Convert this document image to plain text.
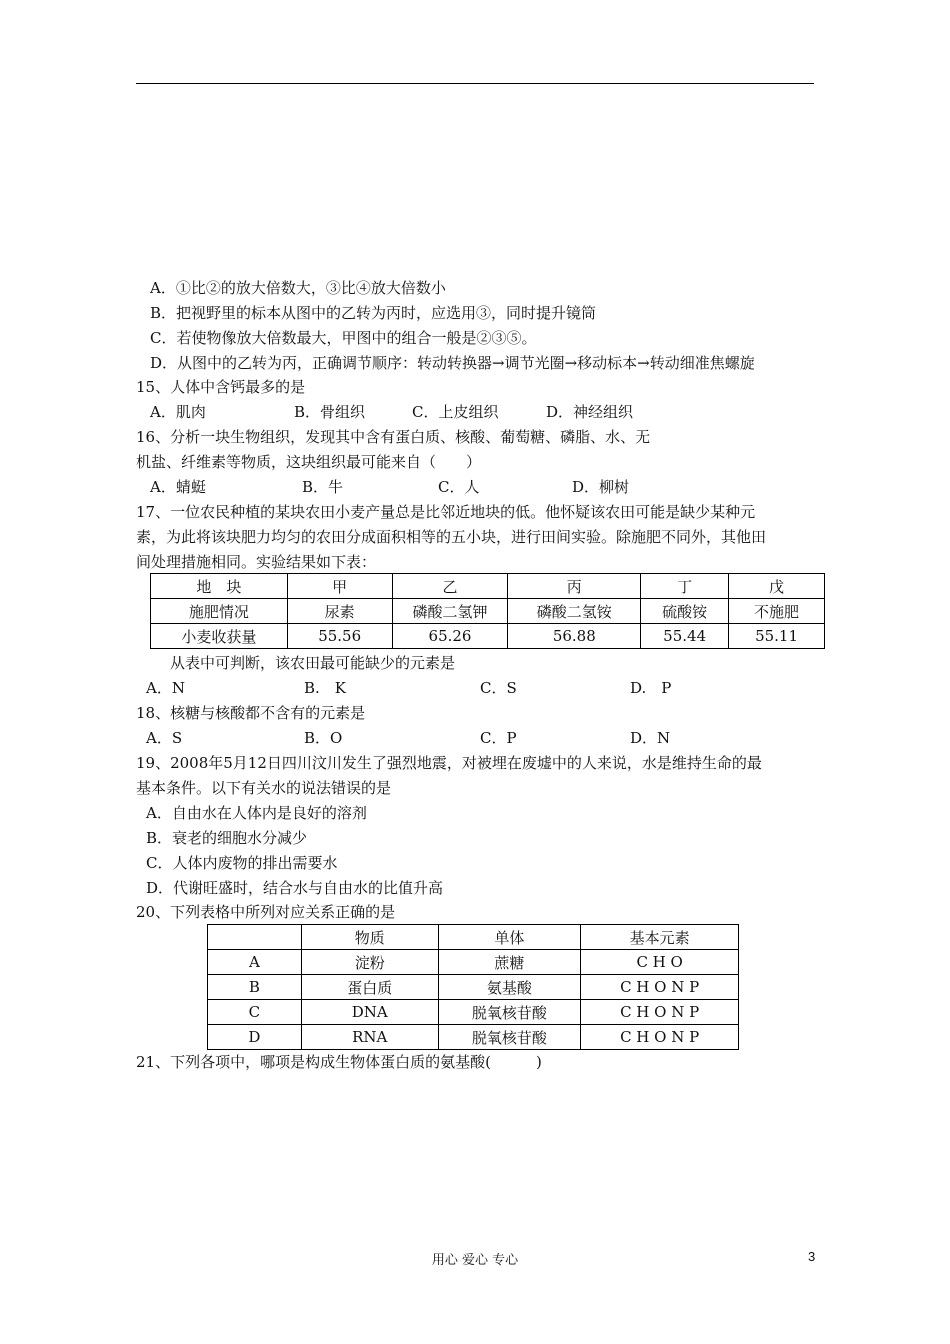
A．①比②的放大倍数大，③比④放大倍数小
B．把视野里的标本从图中的乙转为丙时，应选用③，同时提升镜筒
C．若使物像放大倍数最大，甲图中的组合一般是②③⑤。
D．从图中的乙转为丙，正确调节顺序：转动转换器→调节光圈→移动标本→转动细准焦螺旋
15、人体中含钙最多的是
A．肌肉	B．骨组织	C．上皮组织	D．神经组织
16、分析一块生物组织，发现其中含有蛋白质、核酸、葡萄糖、磷脂、水、无
机盐、纤维素等物质，这块组织最可能来自（　　）
A．蜻蜓	B．牛	C．人	D．柳树
17、一位农民种植的某块农田小麦产量总是比邻近地块的低。他怀疑该农田可能是缺少某种元
素，为此将该块肥力均匀的农田分成面积相等的五小块，进行田间实验。除施肥不同外，其他田
间处理措施相同。实验结果如下表：
地　块	甲	乙	丙	丁	戊
施肥情况	尿素	磷酸二氢钾	磷酸二氢铵	硫酸铵	不施肥
小麦收获量	55.56	65.26	56.88	55.44	55.11
从表中可判断，该农田最可能缺少的元素是
A．N	B.　K	C．S	D.　P
18、核糖与核酸都不含有的元素是
A．S	B．O	C．P	D．N
19、2008年5月12日四川汶川发生了强烈地震，对被埋在废墟中的人来说，水是维持生命的最
基本条件。以下有关水的说法错误的是
A．自由水在人体内是良好的溶剂
B．衰老的细胞水分减少
C．人体内废物的排出需要水
D．代谢旺盛时，结合水与自由水的比值升高
20、下列表格中所列对应关系正确的是
	物质	单体	基本元素
A	淀粉	蔗糖	C H O
B	蛋白质	氨基酸	C H O N P
C	DNA	脱氧核苷酸	C H O N P
D	RNA	脱氧核苷酸	C H O N P
21、下列各项中，哪项是构成生物体蛋白质的氨基酸(　　　)
用心 爱心 专心	3
